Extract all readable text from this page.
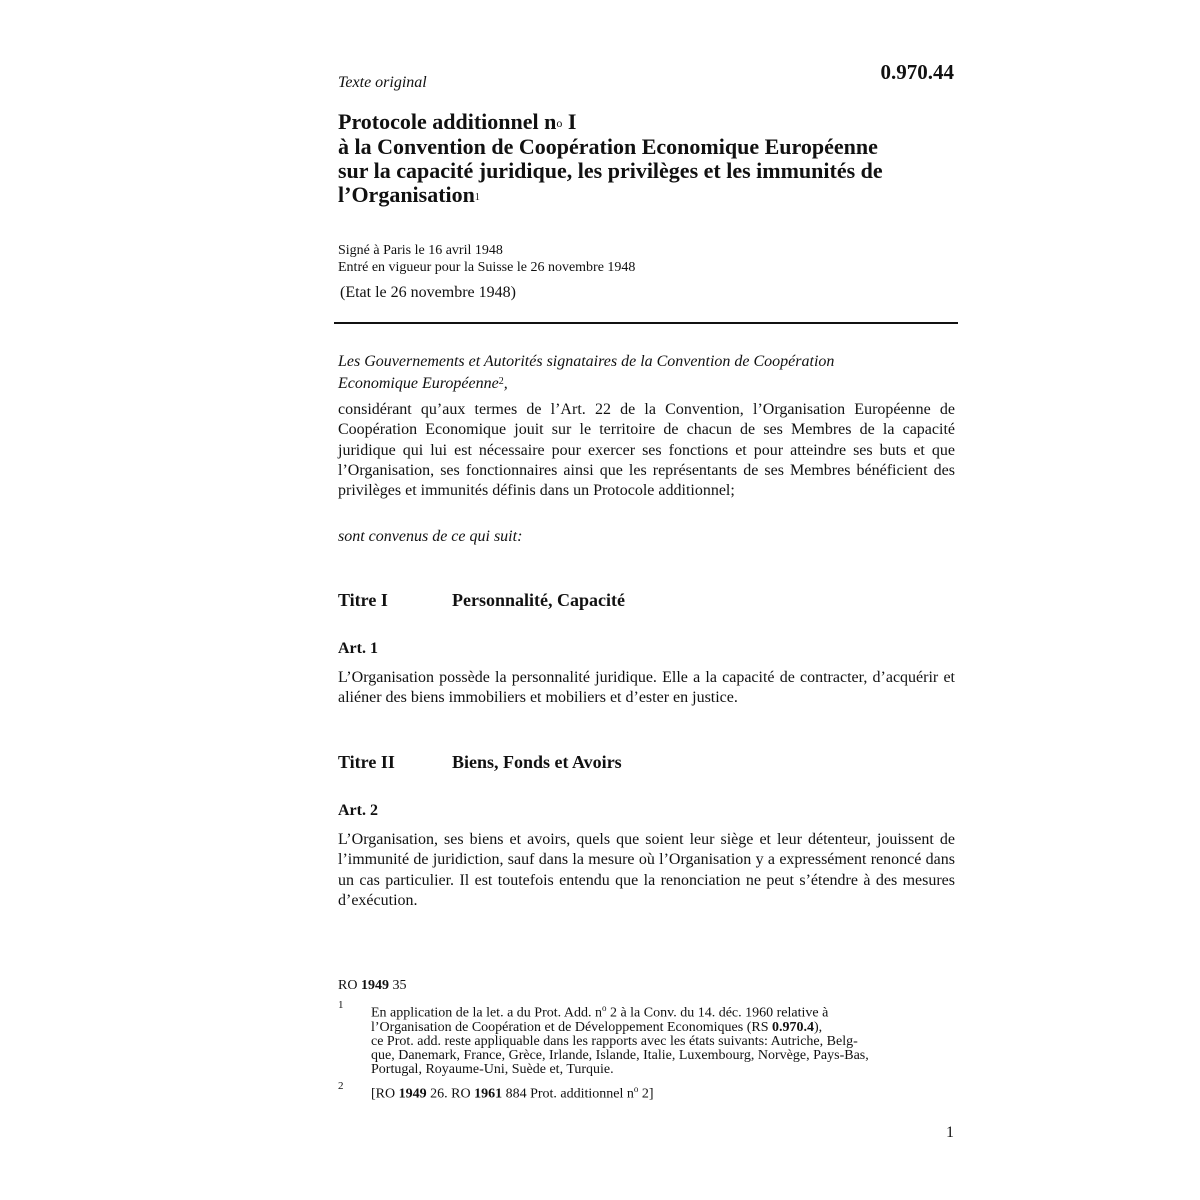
Texte original	0.970.44
Protocole additionnel no I
à la Convention de Coopération Economique Européenne
sur la capacité juridique, les privilèges et les immunités de
l’Organisation1
Signé à Paris le 16 avril 1948
Entré en vigueur pour la Suisse le 26 novembre 1948
(Etat le 26 novembre 1948)
Les Gouvernements et Autorités signataires de la Convention de Coopération
Economique Européenne$^2$,
considérant qu’aux termes de l’Art. 22 de la Convention, l’Organisation Européenne de Coopération Economique jouit sur le territoire de chacun de ses Membres de la capacité juridique qui lui est nécessaire pour exercer ses fonctions et pour atteindre ses buts et que l’Organisation, ses fonctionnaires ainsi que les représentants de ses Membres bénéficient des privilèges et immunités définis dans un Protocole additionnel;
sont convenus de ce qui suit:
Titre I	Personnalité, Capacité
Art. 1
L’Organisation possède la personnalité juridique. Elle a la capacité de contracter, d’acquérir et aliéner des biens immobiliers et mobiliers et d’ester en justice.
Titre II	Biens, Fonds et Avoirs
Art. 2
L’Organisation, ses biens et avoirs, quels que soient leur siège et leur détenteur, jouissent de l’immunité de juridiction, sauf dans la mesure où l’Organisation y a expressément renoncé dans un cas particulier. Il est toutefois entendu que la renonciation ne peut s’étendre à des mesures d’exécution.
RO 1949 35
1
En application de la let. a du Prot. Add. $n^o$ 2 à la Conv. du 14. déc. 1960 relative à
l’Organisation de Coopération et de Développement Economiques (RS 0.970.4),
ce Prot. add. reste appliquable dans les rapports avec les états suivants: Autriche, Belg-
que, Danemark, France, Grèce, Irlande, Islande, Italie, Luxembourg, Norvège, Pays-Bas,
Portugal, Royaume-Uni, Suède et, Turquie.
2
[RO 1949 26. RO 1961 884 Prot. additionnel $n^o$ 2]
1
